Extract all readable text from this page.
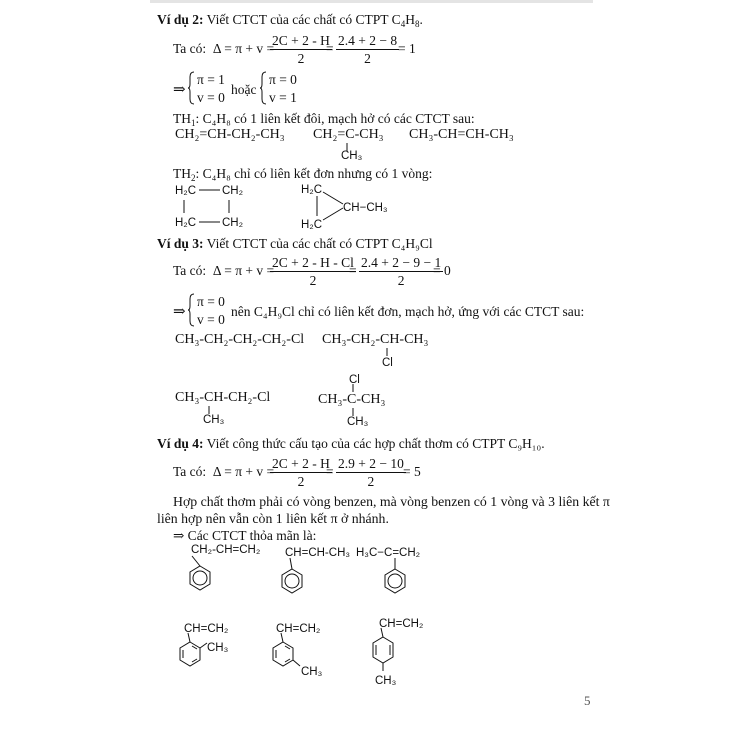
Ví dụ 2: Viết CTCT của các chất có CTPT $C_4H_8$.
Ta có: Δ = π + v =
$\frac{2C + 2 - H}{2}$
= $\frac{2.4 + 2 - 8}{2}$
= 1
⇒
π = 1
v = 0
hoặc
π = 0
v = 1
$TH_1$: C₄H₈ có 1 liên kết đôi, mạch hở có các CTCT sau:
CH₂=CH-CH₂-CH₃ CH₂=C-CH₃
CH₃
CH₃-CH=CH-CH₃
$TH_2$: C₄H₈ chỉ có liên kết đơn nhưng có 1 vòng:
H₂C CH₂
H₂C CH₂
H₂C
H₂C
CH−CH₃
Ví dụ 3: Viết CTCT của các chất có CTPT C₄H₉Cl
Ta có: Δ = π + v =
$\frac{2C + 2 - H - Cl}{2}$
= $\frac{2.4 + 2 - 9 - 1}{2}$
= 0
⇒
π = 0
v = 0
nên C₄H₉Cl chỉ có liên kết đơn, mạch hở, ứng với các CTCT sau:
CH₃-CH₂-CH₂-CH₂-Cl CH₃-CH₂-CH-CH₃
Cl
CH₃-CH-CH₂-Cl
CH₃
Cl
CH₃-C-CH₃
CH₃
Ví dụ 4: Viết công thức cấu tạo của các hợp chất thơm có CTPT C₉H₁₀.
Ta có: Δ = π + v =
$\frac{2C + 2 - H}{2}$
= $\frac{2.9 + 2 - 10}{2}$
= 5
Hợp chất thơm phải có vòng benzen, mà vòng benzen có 1 vòng và 3 liên kết π
liên hợp nên vẫn còn 1 liên kết π ở nhánh.
⇒ Các CTCT thỏa mãn là:
CH₂-CH=CH₂ CH=CH-CH₃ H₃C−C=CH₂
CH=CH₂
CH₃
CH=CH₂
CH₃
CH=CH₂
CH₃
5
